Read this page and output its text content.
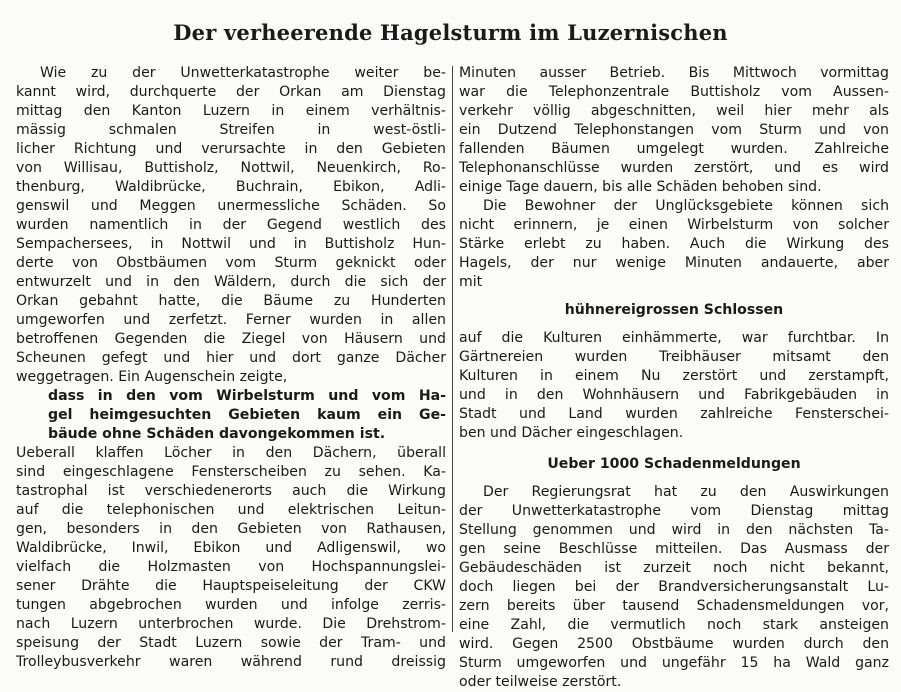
Der verheerende Hagelsturm im Luzernischen
Wie zu der Unwetterkatastrophe weiter be-
kannt wird, durchquerte der Orkan am Dienstag
mittag den Kanton Luzern in einem verhältnis-
mässig schmalen Streifen in west-östli-
licher Richtung und verursachte in den Gebieten
von Willisau, Buttisholz, Nottwil, Neuenkirch, Ro-
thenburg, Waldibrücke, Buchrain, Ebikon, Adli-
genswil und Meggen unermessliche Schäden. So
wurden namentlich in der Gegend westlich des
Sempachersees, in Nottwil und in Buttisholz Hun-
derte von Obstbäumen vom Sturm geknickt oder
entwurzelt und in den Wäldern, durch die sich der
Orkan gebahnt hatte, die Bäume zu Hunderten
umgeworfen und zerfetzt. Ferner wurden in allen
betroffenen Gegenden die Ziegel von Häusern und
Scheunen gefegt und hier und dort ganze Dächer
weggetragen. Ein Augenschein zeigte,
dass in den vom Wirbelsturm und vom Ha-
gel heimgesuchten Gebieten kaum ein Ge-
bäude ohne Schäden davongekommen ist.
Ueberall klaffen Löcher in den Dächern, überall
sind eingeschlagene Fensterscheiben zu sehen. Ka-
tastrophal ist verschiedenerorts auch die Wirkung
auf die telephonischen und elektrischen Leitun-
gen, besonders in den Gebieten von Rathausen,
Waldibrücke, Inwil, Ebikon und Adligenswil, wo
vielfach die Holzmasten von Hochspannungslei-
sener Drähte die Hauptspeiseleitung der CKW
tungen abgebrochen wurden und infolge zerris-
nach Luzern unterbrochen wurde. Die Drehstrom-
speisung der Stadt Luzern sowie der Tram- und
Trolleybusverkehr waren während rund dreissig
Minuten ausser Betrieb. Bis Mittwoch vormittag
war die Telephonzentrale Buttisholz vom Aussen-
verkehr völlig abgeschnitten, weil hier mehr als
ein Dutzend Telephonstangen vom Sturm und von
fallenden Bäumen umgelegt wurden. Zahlreiche
Telephonanschlüsse wurden zerstört, und es wird
einige Tage dauern, bis alle Schäden behoben sind.
Die Bewohner der Unglücksgebiete können sich
nicht erinnern, je einen Wirbelsturm von solcher
Stärke erlebt zu haben. Auch die Wirkung des
Hagels, der nur wenige Minuten andauerte, aber
mit
hühnereigrossen Schlossen
auf die Kulturen einhämmerte, war furchtbar. In
Gärtnereien wurden Treibhäuser mitsamt den
Kulturen in einem Nu zerstört und zerstampft,
und in den Wohnhäusern und Fabrikgebäuden in
Stadt und Land wurden zahlreiche Fensterschei-
ben und Dächer eingeschlagen.
Ueber 1000 Schadenmeldungen
Der Regierungsrat hat zu den Auswirkungen
der Unwetterkatastrophe vom Dienstag mittag
Stellung genommen und wird in den nächsten Ta-
gen seine Beschlüsse mitteilen. Das Ausmass der
Gebäudeschäden ist zurzeit noch nicht bekannt,
doch liegen bei der Brandversicherungsanstalt Lu-
zern bereits über tausend Schadensmeldungen vor,
eine Zahl, die vermutlich noch stark ansteigen
wird. Gegen 2500 Obstbäume wurden durch den
Sturm umgeworfen und ungefähr 15 ha Wald ganz
oder teilweise zerstört.
